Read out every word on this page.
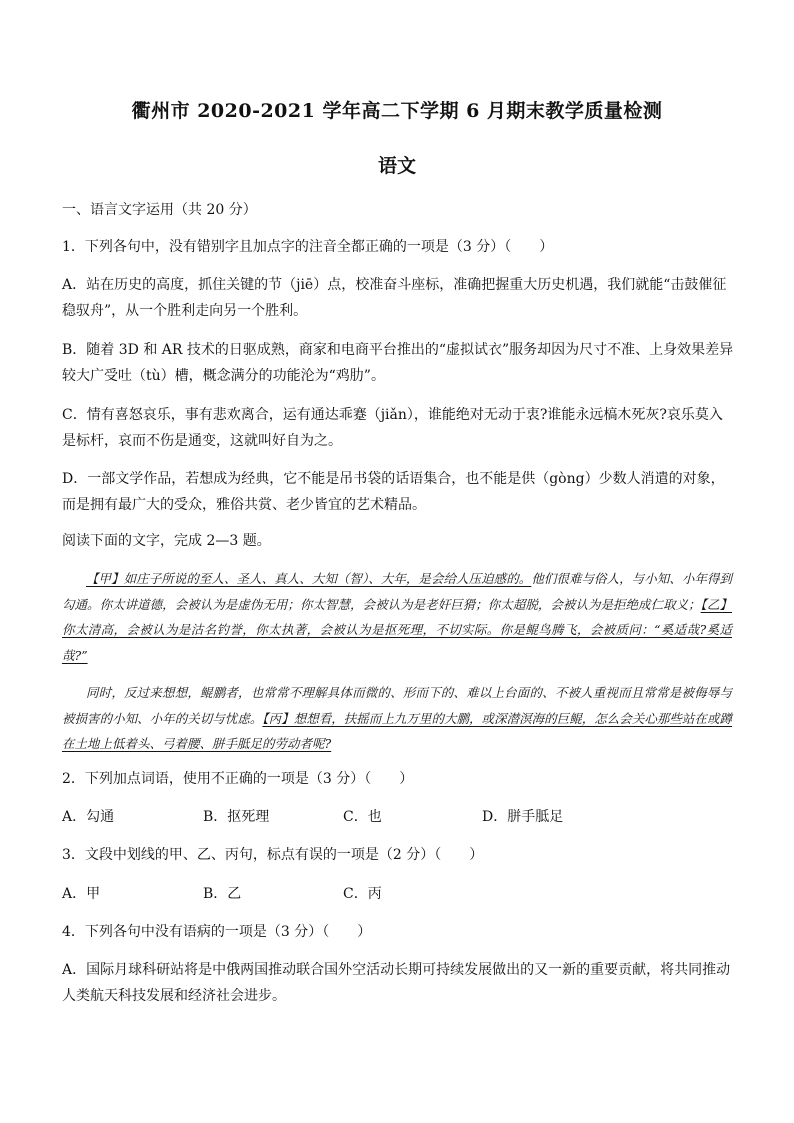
衢州市 2020-2021 学年高二下学期 6 月期末教学质量检测
语文
一、语言文字运用（共 20 分）
1．下列各句中，没有错别字且加点字的注音全都正确的一项是（3 分）（　　）
A．站在历史的高度，抓住关键的节（jiē）点，校准奋斗座标，准确把握重大历史机遇，我们就能“击鼓催征稳驭舟”，从一个胜利走向另一个胜利。
B．随着 3D 和 AR 技术的日驱成熟，商家和电商平台推出的“虚拟试衣”服务却因为尺寸不准、上身效果差异较大广受吐（tù）槽，概念满分的功能沦为“鸡肋”。
C．情有喜怒哀乐，事有悲欢离合，运有通达乖蹇（jiǎn），谁能绝对无动于衷?谁能永远槁木死灰?哀乐莫入是标杆，哀而不伤是通变，这就叫好自为之。
D．一部文学作品，若想成为经典，它不能是吊书袋的话语集合，也不能是供（gòng）少数人消遣的对象，而是拥有最广大的受众，雅俗共赏、老少皆宜的艺术精品。
阅读下面的文字，完成 2—3 题。
【甲】如庄子所说的至人、圣人、真人、大知（智）、大年，是会给人压迫感的。他们很难与俗人，与小知、小年得到勾通。你太讲道德，会被认为是虚伪无用；你太智慧，会被认为是老奸巨猾；你太超脱，会被认为是拒绝成仁取义；【乙】你太清高，会被认为是沽名钓誉，你太执著，会被认为是抠死理，不切实际。你是鲲鸟腾飞，会被质问：“奚适哉?奚适哉?”
同时，反过来想想，鲲鹏者，也常常不理解具体而微的、形而下的、难以上台面的、不被人重视而且常常是被侮辱与被损害的小知、小年的关切与忧虑。【丙】想想看，扶摇而上九万里的大鹏，或深潜溟海的巨鲲，怎么会关心那些站在或蹲在土地上低着头、弓着腰、胼手胝足的劳动者呢?
2．下列加点词语，使用不正确的一项是（3 分）（　　）
A．勾通	B．抠死理	C．也	D．胼手胝足
3．文段中划线的甲、乙、丙句，标点有误的一项是（2 分）（　　）
A．甲	B．乙	C．丙
4．下列各句中没有语病的一项是（3 分）（　　）
A．国际月球科研站将是中俄两国推动联合国外空活动长期可持续发展做出的又一新的重要贡献，将共同推动人类航天科技发展和经济社会进步。
